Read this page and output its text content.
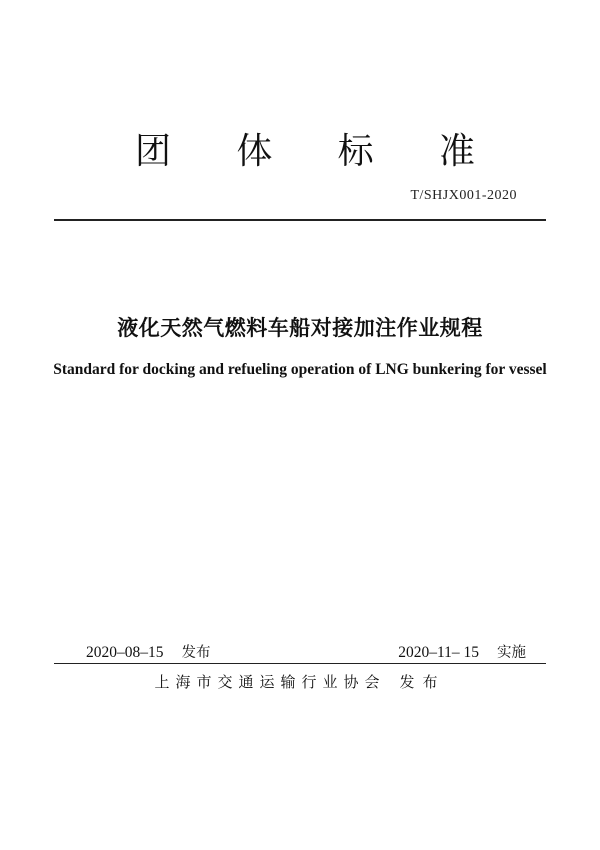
团 体 标 准
T/SHJX001-2020
液化天然气燃料车船对接加注作业规程
Standard for docking and refueling operation of LNG bunkering for vessel
2020–08–15 发布	2020–11– 15 实施
上海市交通运输行业协会 发布
